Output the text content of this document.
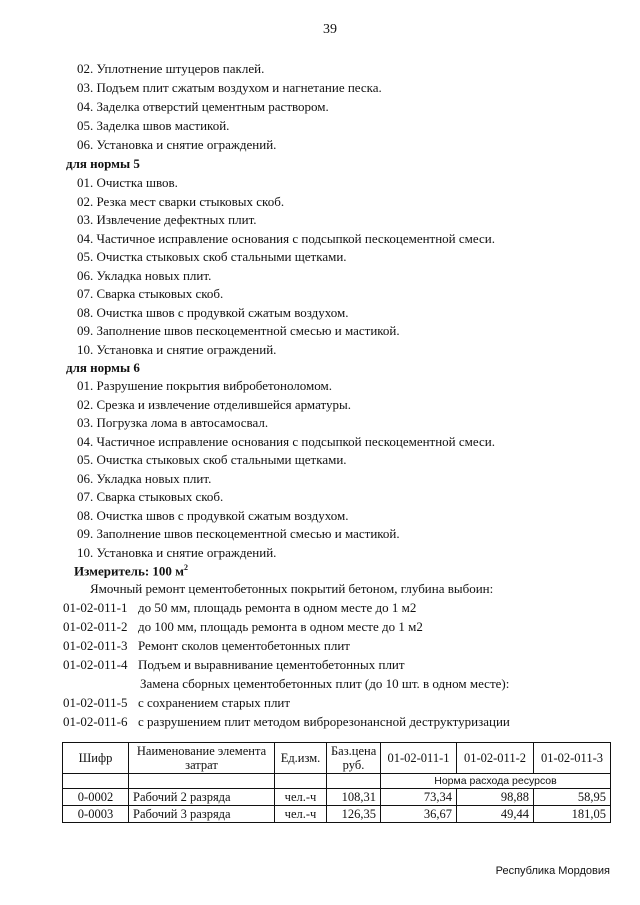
39
02. Уплотнение штуцеров паклей.
03. Подъем плит сжатым воздухом и нагнетание песка.
04. Заделка отверстий цементным раствором.
05. Заделка швов мастикой.
06. Установка и снятие ограждений.
для нормы 5
01. Очистка швов.
02. Резка мест сварки стыковых скоб.
03. Извлечение дефектных плит.
04. Частичное исправление основания с подсыпкой пескоцементной смеси.
05. Очистка стыковых скоб стальными щетками.
06. Укладка новых плит.
07. Сварка стыковых скоб.
08. Очистка швов с продувкой сжатым воздухом.
09. Заполнение швов пескоцементной смесью и мастикой.
10. Установка и снятие ограждений.
для нормы 6
01. Разрушение покрытия вибробетоноломом.
02. Срезка и извлечение отделившейся арматуры.
03. Погрузка лома в автосамосвал.
04. Частичное исправление основания с подсыпкой пескоцементной смеси.
05. Очистка стыковых скоб стальными щетками.
06. Укладка новых плит.
07. Сварка стыковых скоб.
08. Очистка швов с продувкой сжатым воздухом.
09. Заполнение швов пескоцементной смесью и мастикой.
10. Установка и снятие ограждений.
Измеритель: 100 $м^2$
Ямочный ремонт цементобетонных покрытий бетоном, глубина выбоин:
01-02-011-1 до 50 мм, площадь ремонта в одном месте до 1 м2
01-02-011-2 до 100 мм, площадь ремонта в одном месте до 1 м2
01-02-011-3 Ремонт сколов цементобетонных плит
01-02-011-4 Подъем и выравнивание цементобетонных плит
Замена сборных цементобетонных плит (до 10 шт. в одном месте):
01-02-011-5 с сохранением старых плит
01-02-011-6 с разрушением плит методом виброрезонансной деструктуризации
Шифр	Наименование элемента затрат	Ед.изм.	Баз.цена руб.	01-02-011-1	01-02-011-2	01-02-011-3
				Норма расхода ресурсов		
0-0002	Рабочий 2 разряда	чел.-ч	108,31	73,34	98,88	58,95
0-0003	Рабочий 3 разряда	чел.-ч	126,35	36,67	49,44	181,05
Республика Мордовия
